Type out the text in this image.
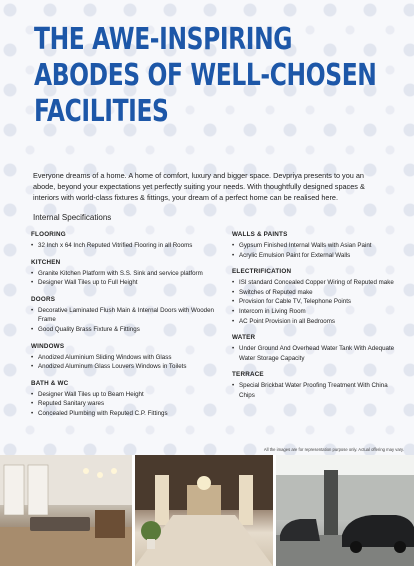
THE AWE-INSPIRING
ABODES OF WELL-CHOSEN
FACILITIES

Everyone dreams of a home. A home of comfort, luxury and bigger space. Devpriya presents to you an abode, beyond your expectations yet perfectly suiting your needs. With thoughtfully designed spaces & interiors with world-class fixtures & fittings, your dream of a perfect home can be realised here.

Internal Specifications
FLOORING
• 32 Inch x 64 Inch Reputed Vitrified Flooring in all Rooms
KITCHEN
• Granite Kitchen Platform with S.S. Sink and service platform
• Designer Wall Tiles up to Full Height
DOORS
• Decorative Laminated Flush Main & Internal Doors with Wooden Frame
• Good Quality Brass Fixture & Fittings
WINDOWS
• Anodized Aluminium Sliding Windows with Glass
• Anodized Aluminum Glass Louvers Windows in Toilets
BATH & WC
• Designer Wall Tiles up to Beam Height
• Reputed Sanitary wares
• Concealed Plumbing with Reputed C.P. Fittings
WALLS & PAINTS
• Gypsum Finished Internal Walls with Asian Paint
• Acrylic Emulsion Paint for External Walls
ELECTRIFICATION
• ISI standard Concealed Copper Wiring of Reputed make
• Switches of Reputed make
• Provision for Cable TV, Telephone Points
• Intercom in Living Room
• AC Point Provision in all Bedrooms
WATER
• Under Ground And Overhead Water Tank With Adequate Water Storage Capacity
TERRACE
• Special Brickbat Water Proofing Treatment With China Chips
All the images are for representation purpose only. Actual offering may vary.
